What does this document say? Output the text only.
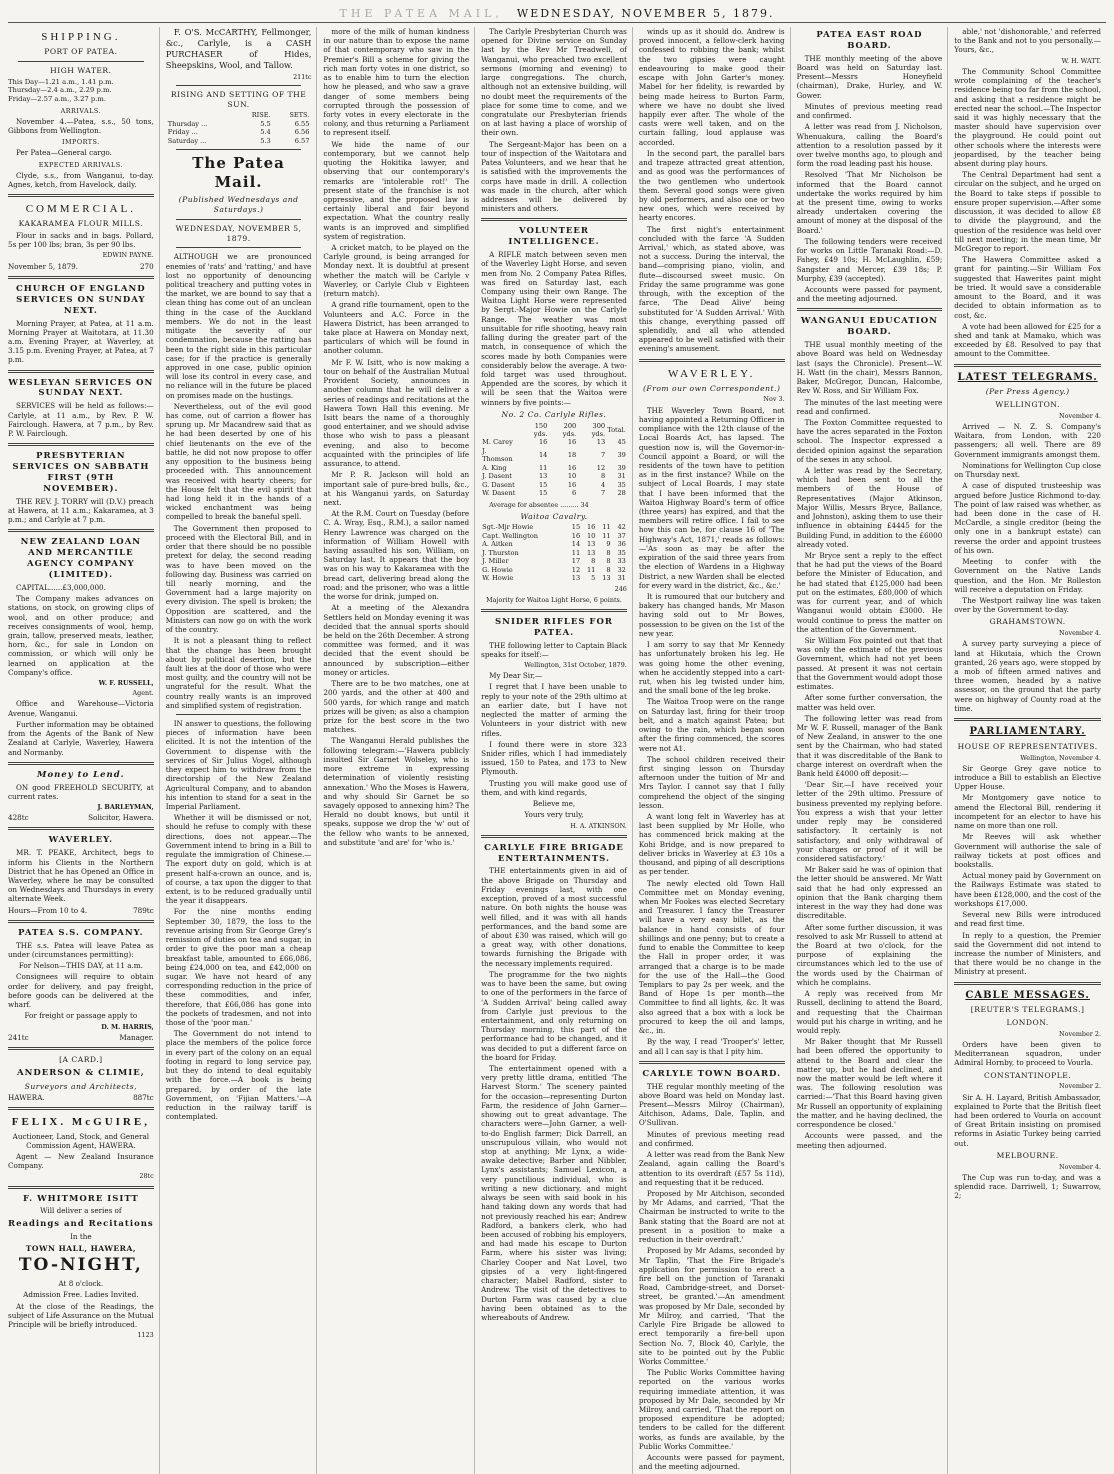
THE PATEA MAIL, WEDNESDAY, NOVEMBER 5, 1879.
SHIPPING.
PORT OF PATEA.
HIGH WATER.
This Day—1.21 a.m., 1.41 p.m.
Thursday—2.4 a.m., 2.29 p.m.
Friday—2.57 a.m., 3.27 p.m.
ARRIVALS.

November 4.—Patea, s.s., 50 tons, Gibbons from Wellington.

IMPORTS.

Per Patea—General cargo.

EXPECTED ARRIVALS.

Clyde, s.s., from Wanganui, to-day. Agnes, ketch, from Havelock, daily.

COMMERCIAL.
KAKARAMEA FLOUR MILLS.

Flour in sacks and in bags. Pollard, 5s per 100 lbs; bran, 3s per 90 lbs.

EDWIN PAYNE.
November 5, 1879.	270
CHURCH OF ENGLAND SERVICES ON SUNDAY NEXT.

Morning Prayer, at Patea, at 11 a.m. Morning Prayer at Waitotara, at 11.30 a.m. Evening Prayer, at Waverley, at 3.15 p.m. Evening Prayer, at Patea, at 7 p.m.

WESLEYAN SERVICES ON SUNDAY NEXT.

SERVICES will be held as follows:— Carlyle, at 11 a.m., by Rev. P. W. Fairclough. Hawera, at 7 p.m., by Rev. P. W. Fairclough.

PRESBYTERIAN SERVICES ON SABBATH FIRST (9TH NOVEMBER).

THE REV. J. TORRY will (D.V.) preach at Hawera, at 11 a.m.; Kakaramea, at 3 p.m.; and Carlyle at 7 p.m.

NEW ZEALAND LOAN AND MERCANTILE AGENCY COMPANY (LIMITED).

CAPITAL......£3,000,000.

The Company makes advances on stations, on stock, on growing clips of wool, and on other produce; and receives consignments of wool, hemp, grain, tallow, preserved meats, leather, horn, &c., for sale in London on commission, or which will only be learned on application at the Company's office.

W. F. RUSSELL,
Agent.

Office and Warehouse—Victoria Avenue, Wanganui.

Further information may be obtained from the Agents of the Bank of New Zealand at Carlyle, Waverley, Hawera and Normanby.

Money to Lend.

ON good FREEHOLD SECURITY, at current rates.

J. BARLEYMAN,
428tc	Solicitor, Hawera.
WAVERLEY.

MR. T. PEAKE, Architect, begs to inform his Clients in the Northern District that he has Opened an Office in Waverley, where he may be consulted on Wednesdays and Thursdays in every alternate Week.

Hours—From 10 to 4.	789tc
PATEA S.S. COMPANY.

THE s.s. Patea will leave Patea as under (circumstances permitting):

For Nelson—THIS DAY, at 11 a.m.

Consignees will require to obtain order for delivery, and pay freight, before goods can be delivered at the wharf.

For freight or passage apply to

D. M. HARRIS,
241tc	Manager.
[A CARD.]
ANDERSON & CLIMIE,
Surveyors and Architects,
HAWERA.	887tc
FELIX. McGUIRE,

Auctioneer, Land, Stock, and General Commission Agent, HAWERA.

Agent — New Zealand Insurance Company.

28tc
F. WHITMORE ISITT

Will deliver a series of

Readings and Recitations

In the

TOWN HALL, HAWERA,
TO-NIGHT,

At 8 o'clock.

Admission Free. Ladies Invited.

At the close of the Readings, the subject of Life Assurance on the Mutual Principle will be briefly introduced.

1123

F. O'S. McCARTHY, Fellmonger, &c., Carlyle, is a CASH PURCHASER of Hides, Sheepskins, Wool, and Tallow.

211tc
RISING AND SETTING OF THE SUN.
	RISE.	SETS.
Thursday ...	5.5	6.55
Friday ...	5.4	6.56
Saturday ...	5.3	6.57
The Patea Mail.
(Published Wednesdays and Saturdays.)
WEDNESDAY, NOVEMBER 5, 1879.

ALTHOUGH we are pronounced enemies of 'rats' and 'ratting,' and have lost no opportunity of denouncing political treachery and putting votes in the market, we are bound to say that a clean thing has come out of an unclean thing in the case of the Auckland members. We do not in the least mitigate the severity of our condemnation, because the ratting has been to the right side in this particular case; for if the practice is generally approved in one case, public opinion will lose its control in every case, and no reliance will in the future be placed on promises made on the hustings.

Nevertheless, out of the evil good has come, out of carrion a flower has sprung up. Mr Macandrew said that as he had been deserted by one of his chief lieutenants on the eve of the battle, he did not now propose to offer any opposition to the business being proceeded with. This announcement was received with hearty cheers; for the House felt that the evil spirit that had long held it in the hands of a wicked enchantment was being compelled to break the baneful spell.

The Government then proposed to proceed with the Electoral Bill, and in order that there should be no possible pretext for delay, the second reading was to have been moved on the following day. Business was carried on till nearly morning, and the Government had a large majority on every division. The spell is broken; the Opposition are scattered, and the Ministers can now go on with the work of the country.

It is not a pleasant thing to reflect that the change has been brought about by political desertion, but the fault lies at the door of those who were most guilty, and the country will not be ungrateful for the result. What the country really wants is an improved and simplified system of registration.

IN answer to questions, the following pieces of information have been elicited. It is not the intention of the Government to dispense with the services of Sir Julius Vogel, although they expect him to withdraw from the directorship of the New Zealand Agricultural Company, and to abandon his intention to stand for a seat in the Imperial Parliament.

Whether it will be dismissed or not, should he refuse to comply with these directions, does not appear.—The Government intend to bring in a Bill to regulate the immigration of Chinese.—The export duty on gold, which is at present half-a-crown an ounce, and is, of course, a tax upon the digger to that extent, is to be reduced gradually until the year it disappears.

For the nine months ending September 30, 1879, the loss to the revenue arising from Sir George Grey's remission of duties on tea and sugar, in order to give the poor man a cheap breakfast table, amounted to £66,086, being £24,000 on tea, and £42,000 on sugar. We have not heard of any corresponding reduction in the price of these commodities, and infer, therefore, that £66,086 has gone into the pockets of tradesmen, and not into those of the 'poor man.'

The Government do not intend to place the members of the police force in every part of the colony on an equal footing in regard to long service pay, but they do intend to deal equitably with the force.—A book is being prepared, by order of the late Government, on 'Fijian Matters.'—A reduction in the railway tariff is contemplated.

more of the milk of human kindness in our nature than to expose the name of that contemporary who saw in the Premier's Bill a scheme for giving the rich man forty votes in one district, so as to enable him to turn the election how he pleased, and who saw a grave danger of some members being corrupted through the possession of forty votes in every electorate in the colony, and thus returning a Parliament to represent itself.

We hide the name of our contemporary, but we cannot help quoting the Hokitika lawyer, and observing that our contemporary's remarks are 'intolerable rot!' The present state of the franchise is not oppressive, and the proposed law is certainly liberal and fair beyond expectation. What the country really wants is an improved and simplified system of registration.

A cricket match, to be played on the Carlyle ground, is being arranged for Monday next. It is doubtful at present whether the match will be Carlyle v Waverley, or Carlyle Club v Eighteen (return match).

A grand rifle tournament, open to the Volunteers and A.C. Force in the Hawera District, has been arranged to take place at Hawera on Monday next, particulars of which will be found in another column.

Mr F. W. Isitt, who is now making a tour on behalf of the Australian Mutual Provident Society, announces in another column that he will deliver a series of readings and recitations at the Hawera Town Hall this evening. Mr Isitt bears the name of a thoroughly good entertainer, and we should advise those who wish to pass a pleasant evening, and also to become acquainted with the principles of life assurance, to attend.

Mr P. R. Jackson will hold an important sale of pure-bred bulls, &c., at his Wanganui yards, on Saturday next.

At the R.M. Court on Tuesday (before C. A. Wray, Esq., R.M.), a sailor named Henry Lawrence was charged on the information of William Howell with having assaulted his son, William, on Saturday last. It appears that the boy was on his way to Kakaramea with the bread cart, delivering bread along the road; and the prisoner, who was a little the worse for drink, jumped on.

At a meeting of the Alexandra Settlers held on Monday evening it was decided that the annual sports should be held on the 26th December. A strong committee was formed, and it was decided that the event should be announced by subscription—either money or articles.

There are to be two matches, one at 200 yards, and the other at 400 and 500 yards, for which range and match prizes will be given; as also a champion prize for the best score in the two matches.

The Wanganui Herald publishes the following telegram:—'Hawera publicly insulted Sir Garnet Wolseley, who is more extreme in expressing determination of violently resisting annexation.' Who the Moses is Hawera, and why should Sir Garnet be so savagely opposed to annexing him? The Herald no doubt knows, but until it speaks, suppose we drop the 'w' out of the fellow who wants to be annexed, and substitute 'and are' for 'who is.'

The Carlyle Presbyterian Church was opened for Divine service on Sunday last by the Rev Mr Treadwell, of Wanganui, who preached two excellent sermons (morning and evening) to large congregations. The church, although not an extensive building, will no doubt meet the requirements of the place for some time to come, and we congratulate our Presbyterian friends on at last having a place of worship of their own.

The Sergeant-Major has been on a tour of inspection of the Waitotara and Patea Volunteers, and we hear that he is satisfied with the improvements the corps have made in drill. A collection was made in the church, after which addresses will be delivered by ministers and others.

VOLUNTEER INTELLIGENCE.

A RIFLE match between seven men of the Waverley Light Horse, and seven men from No. 2 Company Patea Rifles, was fired on Saturday last, each Company using their own Range. The Waitoa Light Horse were represented by Sergt.-Major Howie on the Carlyle Range. The weather was most unsuitable for rifle shooting, heavy rain falling during the greater part of the match, in consequence of which the scores made by both Companies were considerably below the average. A two-fold target was used throughout. Appended are the scores, by which it will be seen that the Waitoa were winners by five points:—

No. 2 Co. Carlyle Rifles.
	150 yds.	200 yds.	300 yds.	Total.
M. Carey	16	16	13	45
J. Thomson	14	18	7	39
A. King	11	16	12	39
J. Dasent	13	10	8	31
G. Dasent	15	16	4	35
W. Dasent	15	6	7	28

Average for absentee ......... 34

Waitoa Cavalry.
Sgt.-Mjr Howie	15	16	11	42
Capt. Wellington	16	10	11	37
A. Aitken	14	13	9	36
J. Thurston	11	13	8	35
J. Miller	17	8	8	33
G. Howie	12	11	8	32
W. Howie	13	5	13	31
246

Majority for Waitoa Light Horse, 6 points.

SNIDER RIFLES FOR PATEA.

THE following letter to Captain Black speaks for itself:—

Wellington, 31st October, 1879.

My Dear Sir,—

I regret that I have been unable to reply to your note of the 29th ultimo at an earlier date, but I have not neglected the matter of arming the Volunteers in your district with new rifles.

I found there were in store 323 Snider rifles, which I had immediately issued, 150 to Patea, and 173 to New Plymouth.

Trusting you will make good use of them, and with kind regards,

Believe me,

Yours very truly,

H. A. ATKINSON.

CARLYLE FIRE BRIGADE ENTERTAINMENTS.

THE entertainments given in aid of the above Brigade on Thursday and Friday evenings last, with one exception, proved of a most successful nature. On both nights the house was well filled, and it was with all hands performances, and the band some are of about £30 was raised, which will go a great way, with other donations, towards furnishing the Brigade with the necessary implements required.

The programme for the two nights was to have been the same, but owing to one of the performers in the farce of 'A Sudden Arrival' being called away from Carlyle just previous to the entertainment, and only returning on Thursday morning, this part of the performance had to be changed, and it was decided to put a different farce on the board for Friday.

The entertainment opened with a very pretty little drama, entitled 'The Harvest Storm.' The scenery painted for the occasion—representing Durton Farm, the residence of John Garner—showing out to great advantage. The characters were—John Garner, a well-to-do English farmer; Dick Darrell, an unscrupulous villain, who would not stop at anything; Mr Lynx, a wide-awake detective; Barber and Nibbler, Lynx's assistants; Samuel Lexicon, a very punctilious individual, who is writing a new dictionary, and might always be seen with said book in his hand taking down any words that had not previously reached his ear; Andrew Radford, a bankers clerk, who had been accused of robbing his employers, and had made his escape to Durton Farm, where his sister was living; Charley Cooper and Nat Lovel, two gipsies of a very light-fingered character; Mabel Radford, sister to Andrew. The visit of the detectives to Durton Farm was caused by a clue having been obtained as to the whereabouts of Andrew.

winds up as it should do. Andrew is proved innocent, a fellow-clerk having confessed to robbing the bank; whilst the two gipsies were caught endeavouring to make good their escape with John Garter's money. Mabel for her fidelity, is rewarded by being made heiress to Burton Farm, where we have no doubt she lived happily ever after. The whole of the casts were well taken, and on the curtain falling, loud applause was accorded.

In the second part, the parallel bars and trapeze attracted great attention, and as good was the performances of the two gentlemen who undertook them. Several good songs were given by old performers, and also one or two new ones, which were received by hearty encores.

The first night's entertainment concluded with the farce 'A Sudden Arrival,' which, as stated above, was not a success. During the interval, the band—comprising piano, violin, and flute—discoursed sweet music. On Friday the same programme was gone through, with the exception of the farce, 'The Dead Alive' being substituted for 'A Sudden Arrival.' With this change, everything passed off splendidly, and all who attended appeared to be well satisfied with their evening's amusement.

WAVERLEY.
(From our own Correspondent.)
Nov 3.

THE Waverley Town Board, not having appointed a Returning Officer in compliance with the 12th clause of the Local Boards Act, has lapsed. The question now is, will the Governor-in-Council appoint a Board, or will the residents of the town have to petition as in the first instance? While on the subject of Local Boards, I may state that I have been informed that the Waitoa Highway Board's term of office (three years) has expired, and that the members will retire office. I fail to see how this can be, for clause 16 of 'The Highway's Act, 1871,' reads as follows:—'As soon as may be after the expiration of the said three years from the election of Wardens in a Highway District, a new Warden shall be elected for every ward in the district, &c., &c.'

It is rumoured that our butchery and bakery has changed hands, Mr Mason having sold out to Mr Bowes, possession to be given on the 1st of the new year.

I am sorry to say that Mr Kennedy has unfortunately broken his leg. He was going home the other evening, when he accidently stepped into a cart-rut, when his leg twisted under him, and the small bone of the leg broke.

The Waitoa Troop were on the range on Saturday last, firing for their troop belt, and a match against Patea; but owing to the rain, which began soon after the firing commenced, the scores were not A1.

The school children received their first singing lesson on Thursday afternoon under the tuition of Mr and Mrs Taylor. I cannot say that I fully comprehend the object of the singing lesson.

A want long felt in Waverley has at last been supplied by Mr Holle, who has commenced brick making at the Kohi Bridge, and is now prepared to deliver bricks in Waverley at £3 10s a thousand, and piping of all descriptions as per tender.

The newly elected old Town Hall Committee met on Monday evening, when Mr Fookes was elected Secretary and Treasurer. I fancy the Treasurer will have a very easy billet, as the balance in hand consists of four shillings and one penny; but to create a fund to enable the Committee to keep the Hall in proper order, it was arranged that a charge is to be made for the use of the Hall—the Good Templars to pay 2s per week, and the Band of Hope 1s per month—the Committee to find all lights, &c. It was also agreed that a box with a lock be procured to keep the oil and lamps, &c., in.

By the way, I read 'Trooper's' letter, and all I can say is that I pity him.

CARLYLE TOWN BOARD.

THE regular monthly meeting of the above Board was held on Monday last. Present—Messrs Milroy (Chairman), Aitchison, Adams, Dale, Taplin, and O'Sullivan.

Minutes of previous meeting read and confirmed.

A letter was read from the Bank New Zealand, again calling the Board's attention to its overdraft (£57 5s 11d), and requesting that it be reduced.

Proposed by Mr Aitchison, seconded by Mr Adams, and carried, 'That the Chairman be instructed to write to the Bank stating that the Board are not at present in a position to make a reduction in their overdraft.'

Proposed by Mr Adams, seconded by Mr Taplin, 'That the Fire Brigade's application for permission to erect a fire bell on the junction of Taranaki Road, Cambridge-street, and Dorset-street, be granted.'—An amendment was proposed by Mr Dale, seconded by Mr Milroy, and carried, 'That the Carlyle Fire Brigade be allowed to erect temporarily a fire-bell upon Section No. 7, Block 40, Carlyle, the site to be pointed out by the Public Works Committee.'

The Public Works Committee having reported on the various works requiring immediate attention, it was proposed by Mr Dale, seconded by Mr Milroy, and carried, 'That the report on proposed expenditure be adopted; tenders to be called for the different works, as funds are available, by the Public Works Committee.'

Accounts were passed for payment, and the meeting adjourned.

PATEA EAST ROAD BOARD.

THE monthly meeting of the above Board was held on Saturday last. Present—Messrs Honeyfield (chairman), Drake, Hurley, and W. Gower.

Minutes of previous meeting read and confirmed.

A letter was read from J. Nicholson, Whenuakura, calling the Board's attention to a resolution passed by it over twelve months ago, to plough and form the road leading past his house.

Resolved 'That Mr Nicholson be informed that the Board cannot undertake the works required by him at the present time, owing to works already undertaken covering the amount of money at the disposal of the Board.'

The following tenders were received for works on Little Taranaki Road:—D. Fahey, £49 10s; H. McLaughlin, £59; Sangster and Mercer, £39 18s; P. Murphy, £39 (accepted).

Accounts were passed for payment, and the meeting adjourned.

WANGANUI EDUCATION BOARD.

THE usual monthly meeting of the above Board was held on Wednesday last (says the Chronicle). Present—W. H. Watt (in the chair), Messrs Bannon, Baker, McGregor, Duncan, Halcombe, Rev W. Ross, and Sir William Fox.

The minutes of the last meeting were read and confirmed.

The Foxton Committee requested to have the acres separated in the Foxton school. The Inspector expressed a decided opinion against the separation of the sexes in any school.

A letter was read by the Secretary, which had been sent to all the members of the House of Representatives (Major Atkinson, Major Willis, Messrs Bryce, Ballance, and Johnston), asking them to use their influence in obtaining £4445 for the Building Fund, in addition to the £6000 already voted.

Mr Bryce sent a reply to the effect that he had put the views of the Board before the Minister of Education, and he had stated that £125,000 had been put on the estimates, £80,000 of which was for current year, and of which Wanganui would obtain £3000. He would continue to press the matter on the attention of the Government.

Sir William Fox pointed out that that was only the estimate of the previous Government, which had not yet been passed. At present it was not certain that the Government would adopt those estimates.

After some further conversation, the matter was held over.

The following letter was read from Mr W. F. Russell, manager of the Bank of New Zealand, in answer to the one sent by the Chairman, who had stated that it was discreditable of the Bank to charge interest on overdraft when the Bank held £4000 off deposit:—

'Dear Sir,—I have received your letter of the 29th ultimo. Pressure of business prevented my replying before. You express a wish that your letter under reply may be considered satisfactory. It certainly is not satisfactory, and only withdrawal of your charges or proof of it will be considered satisfactory.'

Mr Baker said he was of opinion that the letter should be answered. Mr Watt said that he had only expressed an opinion that the Bank charging them interest in the way they had done was discreditable.

After some further discussion, it was resolved to ask Mr Russell to attend at the Board at two o'clock, for the purpose of explaining the circumstances which led to the use of the words used by the Chairman of which he complains.

A reply was received from Mr Russell, declining to attend the Board, and requesting that the Chairman would put his charge in writing, and he would reply.

Mr Baker thought that Mr Russell had been offered the opportunity to attend to the Board and clear the matter up, but he had declined, and now the matter would be left where it was. The following resolution was carried:—'That this Board having given Mr Russell an opportunity of explaining the matter, and he having declined, the correspondence be closed.'

Accounts were passed, and the meeting then adjourned.

able,' not 'dishonorable,' and referred to the Bank and not to you personally.—Yours, &c.,

W. H. WATT.

The Community School Committee wrote complaining of the teacher's residence being too far from the school, and asking that a residence might be erected near the school.—The Inspector said it was highly necessary that the master should have supervision over the playground. He could point out other schools where the interests were jeopardised, by the teacher being absent during play hours.

The Central Department had sent a circular on the subject, and he urged on the Board to take steps if possible to ensure proper supervision.—After some discussion, it was decided to allow £8 to divide the playground, and the question of the residence was held over till next meeting; in the mean time, Mr McGregor to report.

The Hawera Committee asked a grant for painting.—Sir William Fox suggested that Hawerites paint might be tried. It would save a considerable amount to the Board, and it was decided to obtain information as to cost, &c.

A vote had been allowed for £25 for a shed and tank at Mamaku, which was exceeded by £8. Resolved to pay that amount to the Committee.

LATEST TELEGRAMS.
(Per Press Agency.)
WELLINGTON.
November 4.

Arrived — N. Z. S. Company's Waitara, from London, with 220 passengers; all well. There are 89 Government immigrants amongst them.

Nominations for Wellington Cup close on Thursday next.

A case of disputed trusteeship was argued before Justice Richmond to-day. The point of law raised was whether, as had been done in the case of H. McCardle, a single creditor (being the only one in a bankrupt estate) can reverse the order and appoint trustees of his own.

Meeting to confer with the Government on the Native Lands question, and the Hon. Mr Rolleston will receive a deputation on Friday.

The Westport railway line was taken over by the Government to-day.

GRAHAMSTOWN.
November 4.

A survey party surveying a piece of land at Hikutaia, which the Crown granted, 26 years ago, were stopped by a mob of fifteen armed natives and three women, headed by a native assessor, on the ground that the party were on highway of County road at the time.

PARLIAMENTARY.
HOUSE OF REPRESENTATIVES.
Wellington, November 4.

Sir George Grey gave notice to introduce a Bill to establish an Elective Upper House.

Mr Montgomery gave notice to amend the Electoral Bill, rendering it incompetent for an elector to have his name on more than one roll.

Mr Reeves will ask whether Government will authorise the sale of railway tickets at post offices and bookstalls.

Actual money paid by Government on the Railways Estimate was stated to have been £128,000, and the cost of the workshops £17,000.

Several new Bills were introduced and read first time.

In reply to a question, the Premier said the Government did not intend to increase the number of Ministers, and that there would be no change in the Ministry at present.

CABLE MESSAGES.
[REUTER'S TELEGRAMS.]
LONDON.
November 2.

Orders have been given to Mediterranean squadron, under Admiral Hornby, to proceed to Vourla.

CONSTANTINOPLE.
November 2.

Sir A. H. Layard, British Ambassador, explained to Porte that the British fleet had been ordered to Vourla on account of Great Britain insisting on promised reforms in Asiatic Turkey being carried out.

MELBOURNE.
November 4.

The Cup was run to-day, and was a splendid race. Darriwell, 1; Suwarrow, 2;
